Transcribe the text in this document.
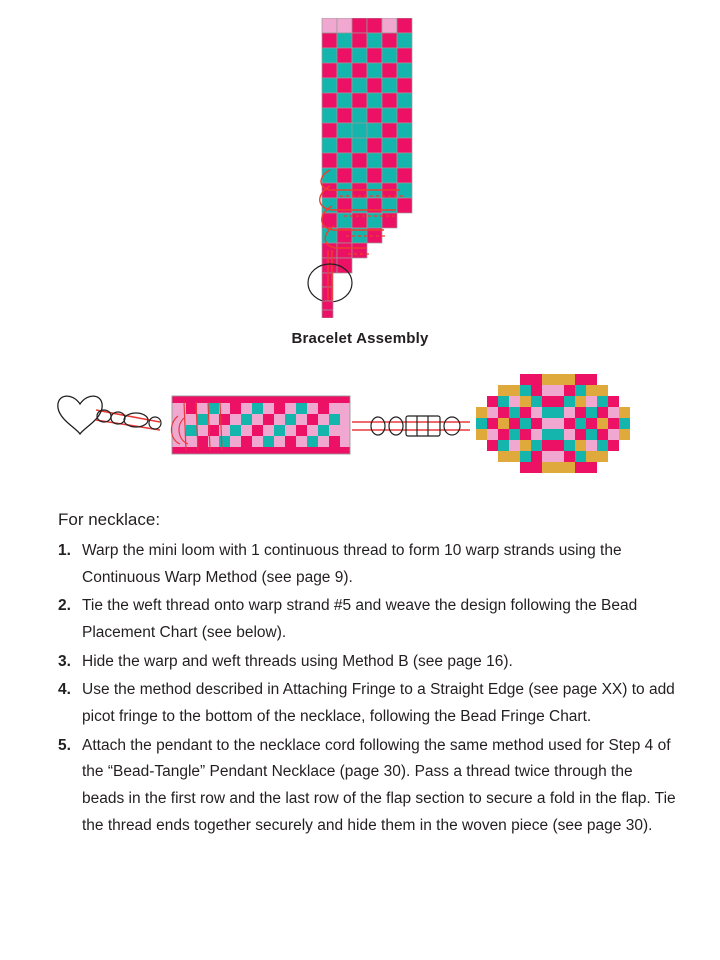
Bracelet Assembly

For necklace:

1. Warp the mini loom with 1 continuous thread to form 10 warp strands using the Continuous Warp Method (see page 9).
2. Tie the weft thread onto warp strand #5 and weave the design following the Bead Placement Chart (see below).
3. Hide the warp and weft threads using Method B (see page 16).
4. Use the method described in Attaching Fringe to a Straight Edge (see page XX) to add picot fringe to the bottom of the necklace, following the Bead Fringe Chart.
5. Attach the pendant to the necklace cord following the same method used for Step 4 of the “Bead-Tangle” Pendant Necklace (page 30). Pass a thread twice through the beads in the first row and the last row of the flap section to secure a fold in the flap. Tie the thread ends together securely and hide them in the woven piece (see page 30).
